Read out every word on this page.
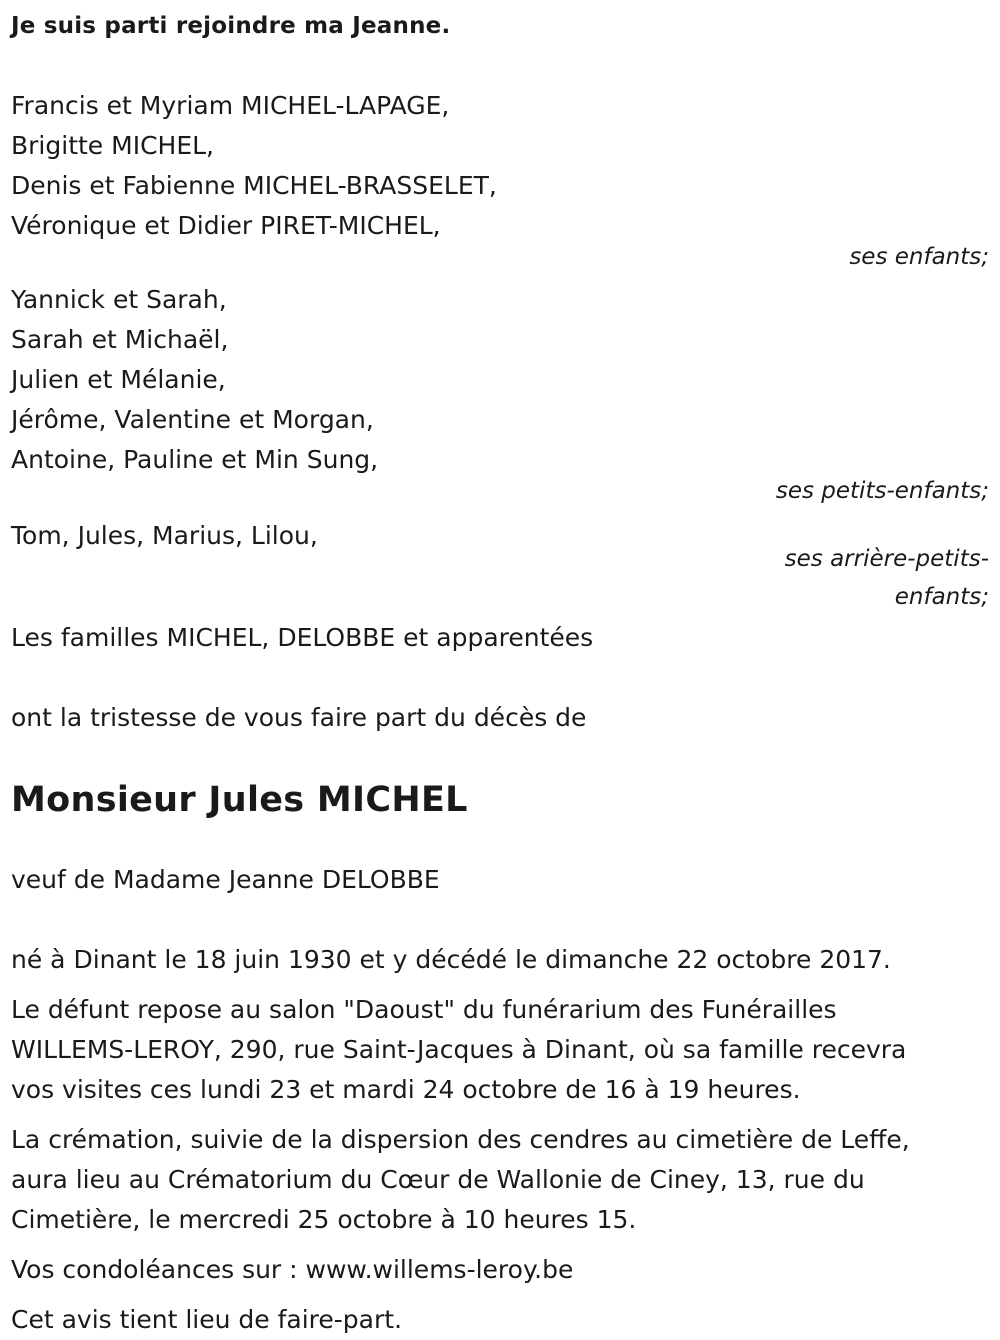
Je suis parti rejoindre ma Jeanne.
Francis et Myriam MICHEL-LAPAGE,
Brigitte MICHEL,
Denis et Fabienne MICHEL-BRASSELET,
Véronique et Didier PIRET-MICHEL,
ses enfants;
Yannick et Sarah,
Sarah et Michaël,
Julien et Mélanie,
Jérôme, Valentine et Morgan,
Antoine, Pauline et Min Sung,
ses petits-enfants;
Tom, Jules, Marius, Lilou,
ses arrière-petits-
enfants;
Les familles MICHEL, DELOBBE et apparentées
ont la tristesse de vous faire part du décès de
Monsieur Jules MICHEL
veuf de Madame Jeanne DELOBBE
né à Dinant le 18 juin 1930 et y décédé le dimanche 22 octobre 2017.
Le défunt repose au salon "Daoust" du funérarium des Funérailles
WILLEMS-LEROY, 290, rue Saint-Jacques à Dinant, où sa famille recevra
vos visites ces lundi 23 et mardi 24 octobre de 16 à 19 heures.
La crémation, suivie de la dispersion des cendres au cimetière de Leffe,
aura lieu au Crématorium du Cœur de Wallonie de Ciney, 13, rue du
Cimetière, le mercredi 25 octobre à 10 heures 15.
Vos condoléances sur : www.willems-leroy.be
Cet avis tient lieu de faire-part.
